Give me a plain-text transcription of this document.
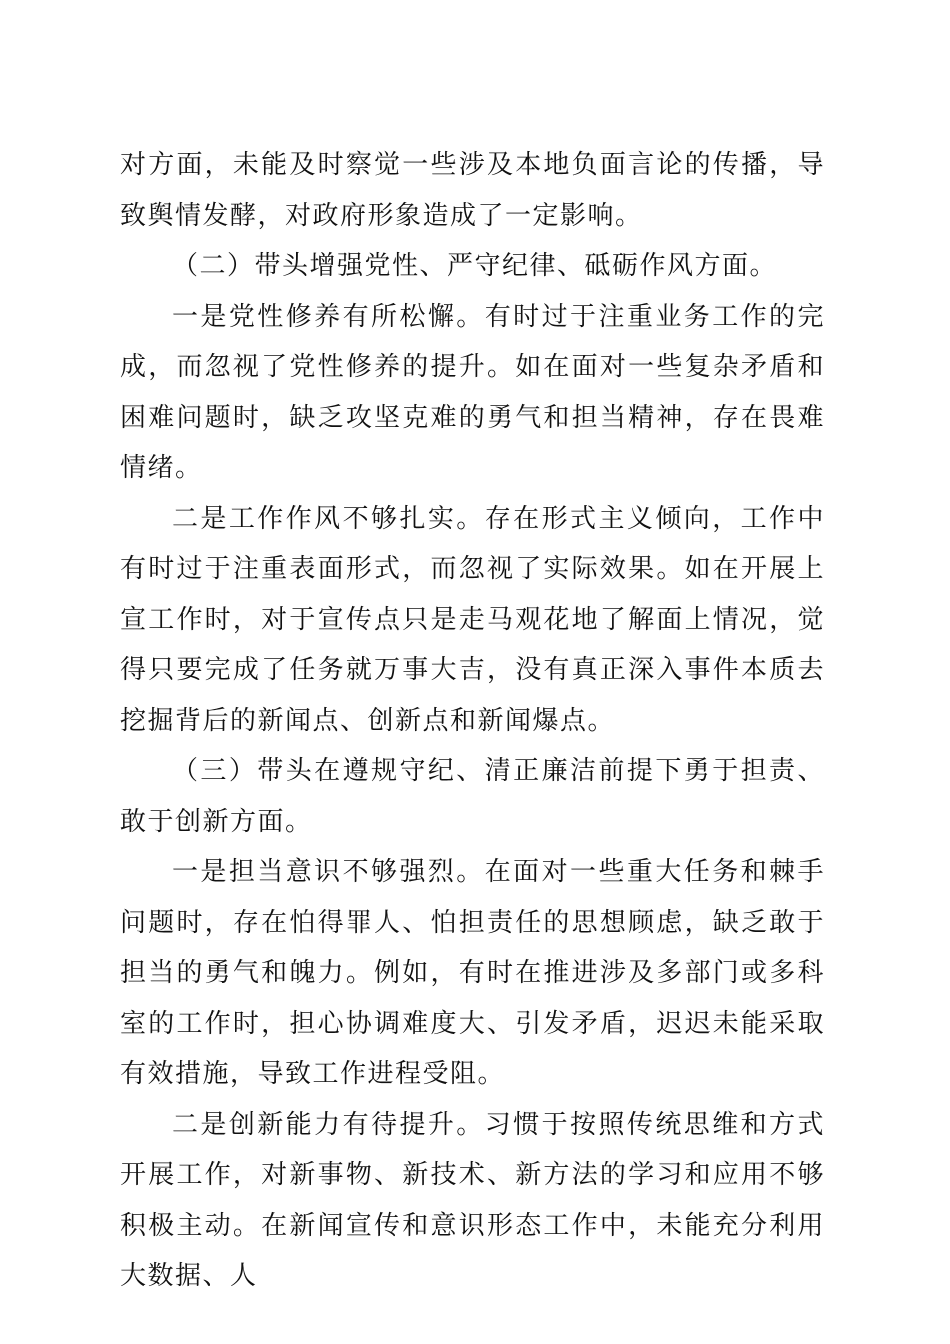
对方面，未能及时察觉一些涉及本地负面言论的传播，导致舆情发酵，对政府形象造成了一定影响。

（二）带头增强党性、严守纪律、砥砺作风方面。

一是党性修养有所松懈。有时过于注重业务工作的完成，而忽视了党性修养的提升。如在面对一些复杂矛盾和困难问题时，缺乏攻坚克难的勇气和担当精神，存在畏难情绪。

二是工作作风不够扎实。存在形式主义倾向，工作中有时过于注重表面形式，而忽视了实际效果。如在开展上宣工作时，对于宣传点只是走马观花地了解面上情况，觉得只要完成了任务就万事大吉，没有真正深入事件本质去挖掘背后的新闻点、创新点和新闻爆点。

（三）带头在遵规守纪、清正廉洁前提下勇于担责、敢于创新方面。

一是担当意识不够强烈。在面对一些重大任务和棘手问题时，存在怕得罪人、怕担责任的思想顾虑，缺乏敢于担当的勇气和魄力。例如，有时在推进涉及多部门或多科室的工作时，担心协调难度大、引发矛盾，迟迟未能采取有效措施，导致工作进程受阻。

二是创新能力有待提升。习惯于按照传统思维和方式开展工作，对新事物、新技术、新方法的学习和应用不够积极主动。在新闻宣传和意识形态工作中，未能充分利用大数据、人
